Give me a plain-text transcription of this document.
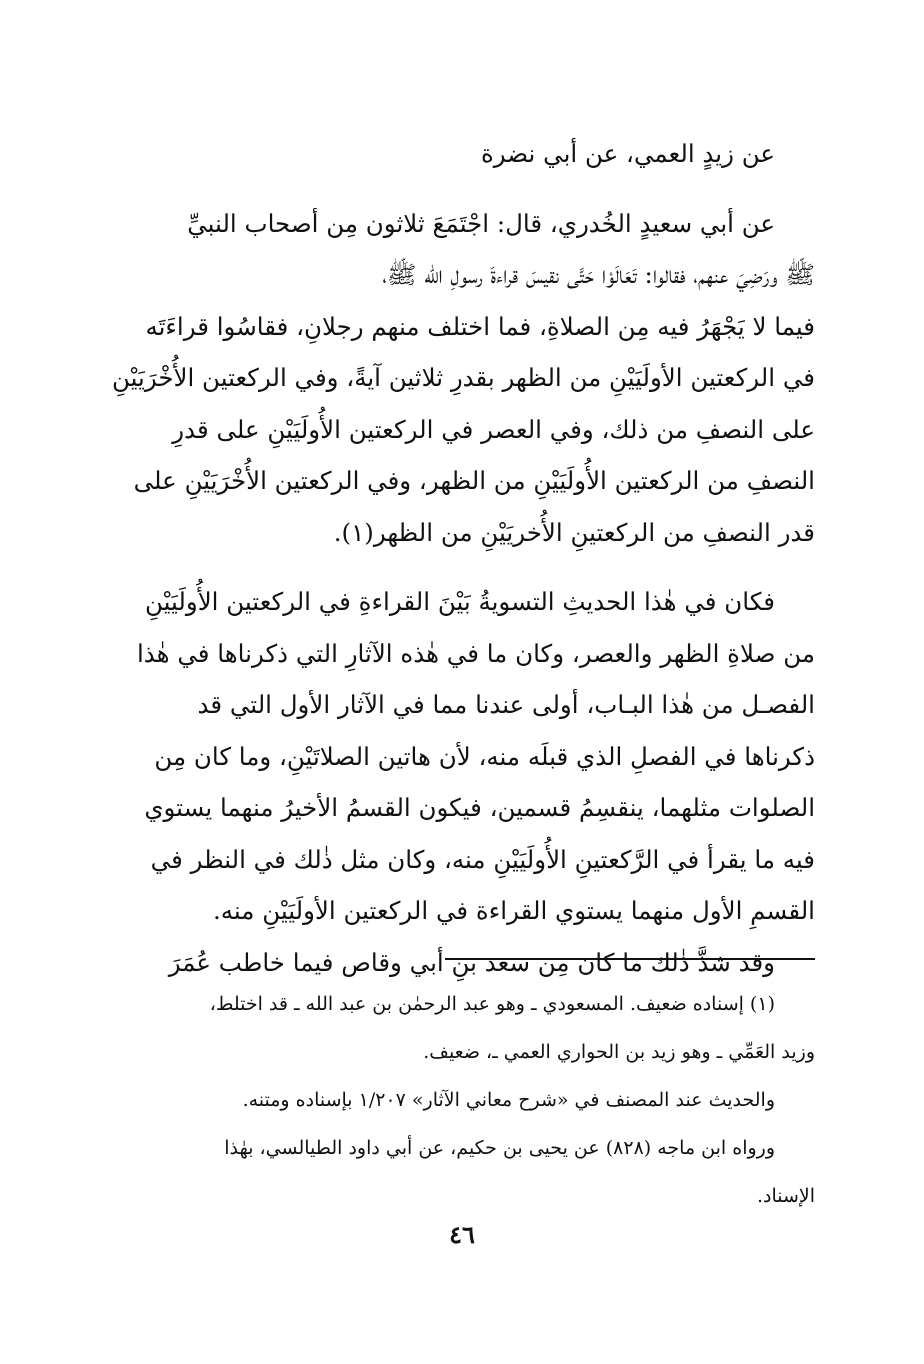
عن زيدٍ العمي، عن أبي نضرة

عن أبي سعيدٍ الخُدري، قال: اجْتَمَعَ ثلاثون مِن أصحاب النبيِّ

ﷺ ورَضِيَ عنهم، فقالوا: تَعَالَوْا حَتَّى نقيسَ قراءةَ رسولِ الله ﷺ،

فيما لا يَجْهَرُ فيه مِن الصلاةِ، فما اختلف منهم رجلانِ، فقاسُوا قراءَتَه

في الركعتين الأولَيَيْنِ من الظهر بقدرِ ثلاثين آيةً، وفي الركعتين الأُخْرَيَيْنِ

على النصفِ من ذلك، وفي العصر في الركعتين الأُولَيَيْنِ على قدرِ

النصفِ من الركعتين الأُولَيَيْنِ من الظهر، وفي الركعتين الأُخْرَيَيْنِ على

قدر النصفِ من الركعتينِ الأُخريَيْنِ من الظهر(١).

فكان في هٰذا الحديثِ التسويةُ بَيْنَ القراءةِ في الركعتين الأُولَيَيْنِ

من صلاةِ الظهر والعصر، وكان ما في هٰذه الآثارِ التي ذكرناها في هٰذا

الفصـل من هٰذا البـاب، أولى عندنا مما في الآثار الأول التي قد

ذكرناها في الفصلِ الذي قبلَه منه، لأن هاتين الصلاتَيْنِ، وما كان مِن

الصلوات مثلهما، ينقسِمُ قسمين، فيكون القسمُ الأخيرُ منهما يستوي

فيه ما يقرأ في الرَّكعتينِ الأُولَيَيْنِ منه، وكان مثل ذٰلك في النظر في

القسمِ الأول منهما يستوي القراءة في الركعتين الأولَيَيْنِ منه.

وقد شذَّ ذٰلك ما كان مِن سعد بنِ أبي وقاص فيما خاطب عُمَرَ

(١) إسناده ضعيف. المسعودي ـ وهو عبد الرحمٰن بن عبد الله ـ قد اختلط،

وزيد العَمِّي ـ وهو زيد بن الحواري العمي ـ، ضعيف.

والحديث عند المصنف في «شرح معاني الآثار» ١/٢٠٧ بإسناده ومتنه.

ورواه ابن ماجه (٨٢٨) عن يحيى بن حكيم، عن أبي داود الطيالسي، بهٰذا

الإسناد.

٤٦
